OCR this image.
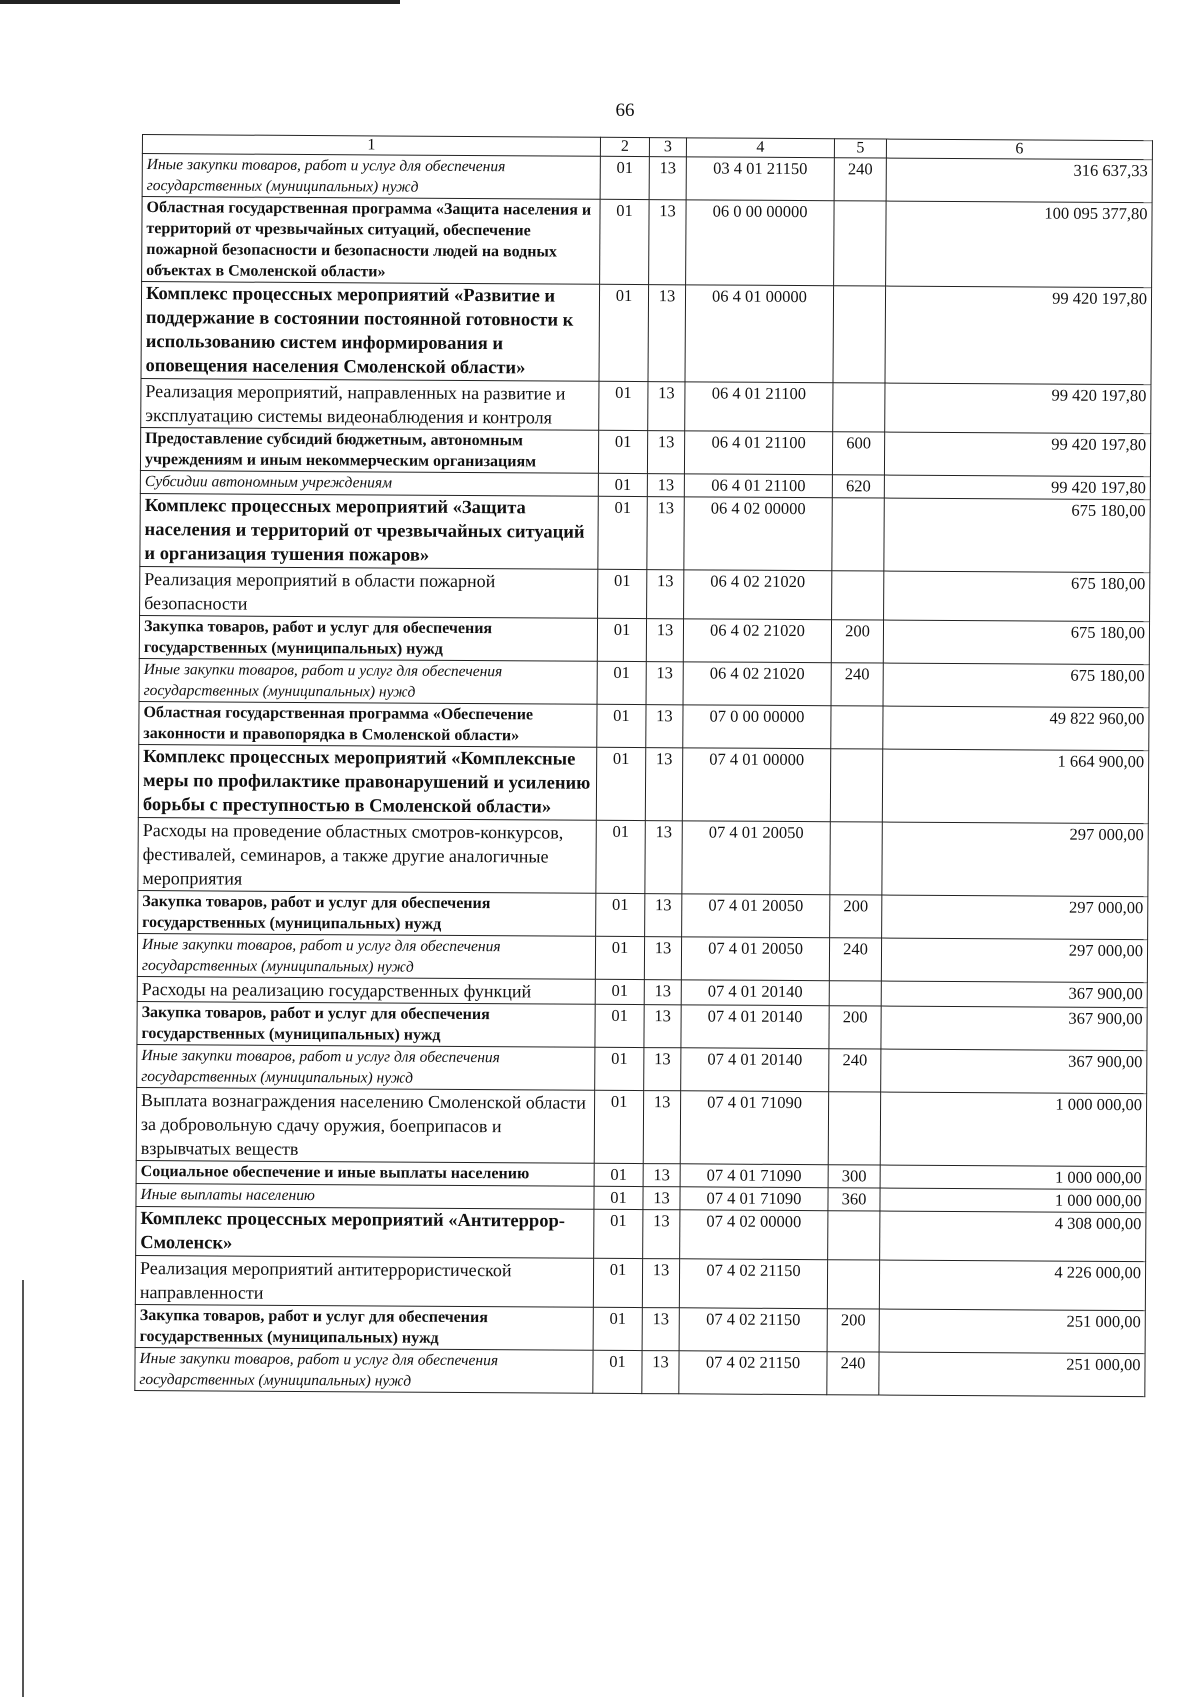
66
1	2	3	4	5	6
Иные закупки товаров, работ и услуг для обеспечения государственных (муниципальных) нужд	01	13	03 4 01 21150	240	316 637,33
Областная государственная программа «Защита населения и территорий от чрезвычайных ситуаций, обеспечение пожарной безопасности и безопасности людей на водных объектах в Смоленской области»	01	13	06 0 00 00000		100 095 377,80
Комплекс процессных мероприятий «Развитие и поддержание в состоянии постоянной готовности к использованию систем информирования и оповещения населения Смоленской области»	01	13	06 4 01 00000		99 420 197,80
Реализация мероприятий, направленных на развитие и эксплуатацию системы видеонаблюдения и контроля	01	13	06 4 01 21100		99 420 197,80
Предоставление субсидий бюджетным, автономным учреждениям и иным некоммерческим организациям	01	13	06 4 01 21100	600	99 420 197,80
Субсидии автономным учреждениям	01	13	06 4 01 21100	620	99 420 197,80
Комплекс процессных мероприятий «Защита населения и территорий от чрезвычайных ситуаций и организация тушения пожаров»	01	13	06 4 02 00000		675 180,00
Реализация мероприятий в области пожарной безопасности	01	13	06 4 02 21020		675 180,00
Закупка товаров, работ и услуг для обеспечения государственных (муниципальных) нужд	01	13	06 4 02 21020	200	675 180,00
Иные закупки товаров, работ и услуг для обеспечения государственных (муниципальных) нужд	01	13	06 4 02 21020	240	675 180,00
Областная государственная программа «Обеспечение законности и правопорядка в Смоленской области»	01	13	07 0 00 00000		49 822 960,00
Комплекс процессных мероприятий «Комплексные меры по профилактике правонарушений и усилению борьбы с преступностью в Смоленской области»	01	13	07 4 01 00000		1 664 900,00
Расходы на проведение областных смотров-конкурсов, фестивалей, семинаров, а также другие аналогичные мероприятия	01	13	07 4 01 20050		297 000,00
Закупка товаров, работ и услуг для обеспечения государственных (муниципальных) нужд	01	13	07 4 01 20050	200	297 000,00
Иные закупки товаров, работ и услуг для обеспечения государственных (муниципальных) нужд	01	13	07 4 01 20050	240	297 000,00
Расходы на реализацию государственных функций	01	13	07 4 01 20140		367 900,00
Закупка товаров, работ и услуг для обеспечения государственных (муниципальных) нужд	01	13	07 4 01 20140	200	367 900,00
Иные закупки товаров, работ и услуг для обеспечения государственных (муниципальных) нужд	01	13	07 4 01 20140	240	367 900,00
Выплата вознаграждения населению Смоленской области за добровольную сдачу оружия, боеприпасов и взрывчатых веществ	01	13	07 4 01 71090		1 000 000,00
Социальное обеспечение и иные выплаты населению	01	13	07 4 01 71090	300	1 000 000,00
Иные выплаты населению	01	13	07 4 01 71090	360	1 000 000,00
Комплекс процессных мероприятий «Антитеррор-Смоленск»	01	13	07 4 02 00000		4 308 000,00
Реализация мероприятий антитеррористической направленности	01	13	07 4 02 21150		4 226 000,00
Закупка товаров, работ и услуг для обеспечения государственных (муниципальных) нужд	01	13	07 4 02 21150	200	251 000,00
Иные закупки товаров, работ и услуг для обеспечения государственных (муниципальных) нужд	01	13	07 4 02 21150	240	251 000,00
